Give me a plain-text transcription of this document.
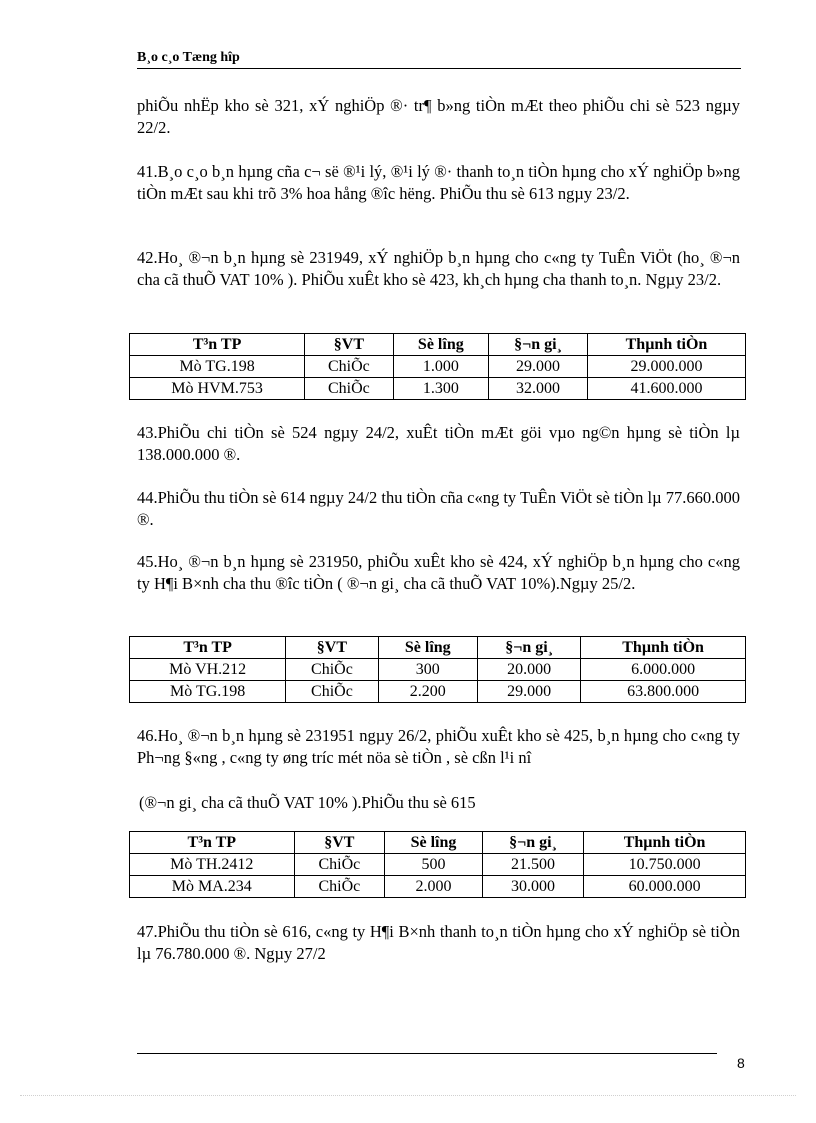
B¸o c¸o Tæng hîp

phiÕu nhËp kho sè 321, xÝ nghiÖp ®· tr¶ b»ng tiÒn mÆt theo phiÕu chi sè 523 ngµy 22/2.

41.B¸o c¸o b¸n hµng cña c¬ së ®¹i lý, ®¹i lý ®· thanh to¸n tiÒn hµng cho xÝ nghiÖp b»ng tiÒn mÆt sau khi trõ 3% hoa hång ®îc hëng. PhiÕu thu sè 613 ngµy 23/2.

42.Ho¸ ®¬n b¸n hµng sè 231949, xÝ nghiÖp b¸n hµng cho c«ng ty TuÊn ViÖt (ho¸ ®¬n cha cã thuÕ VAT 10% ). PhiÕu xuÊt kho sè 423, kh¸ch hµng cha thanh to¸n. Ngµy 23/2.

T³n TP	§VT	Sè lîng	§¬n gi¸	Thµnh tiÒn
Mò TG.198	ChiÕc	1.000	29.000	29.000.000
Mò HVM.753	ChiÕc	1.300	32.000	41.600.000

43.PhiÕu chi tiÒn sè 524 ngµy 24/2, xuÊt tiÒn mÆt göi vµo ng©n hµng sè tiÒn lµ 138.000.000 ®.

44.PhiÕu thu tiÒn sè 614 ngµy 24/2 thu tiÒn cña c«ng ty TuÊn ViÖt sè tiÒn lµ 77.660.000 ®.

45.Ho¸ ®¬n b¸n hµng sè 231950, phiÕu xuÊt kho sè 424, xÝ nghiÖp b¸n hµng cho c«ng ty H¶i B×nh cha thu ®îc tiÒn ( ®¬n gi¸ cha cã thuÕ VAT 10%).Ngµy 25/2.

T³n TP	§VT	Sè lîng	§¬n gi¸	Thµnh tiÒn
Mò VH.212	ChiÕc	300	20.000	6.000.000
Mò TG.198	ChiÕc	2.200	29.000	63.800.000

46.Ho¸ ®¬n b¸n hµng sè 231951 ngµy 26/2, phiÕu xuÊt kho sè 425, b¸n hµng cho c«ng ty Ph¬ng §«ng , c«ng ty øng tríc mét nöa sè tiÒn , sè cßn l¹i nî

(®¬n gi¸ cha cã thuÕ VAT 10% ).PhiÕu thu sè 615

T³n TP	§VT	Sè lîng	§¬n gi¸	Thµnh tiÒn
Mò TH.2412	ChiÕc	500	21.500	10.750.000
Mò MA.234	ChiÕc	2.000	30.000	60.000.000

47.PhiÕu thu tiÒn sè 616, c«ng ty H¶i B×nh thanh to¸n tiÒn hµng cho xÝ nghiÖp sè tiÒn lµ 76.780.000 ®. Ngµy 27/2

8
